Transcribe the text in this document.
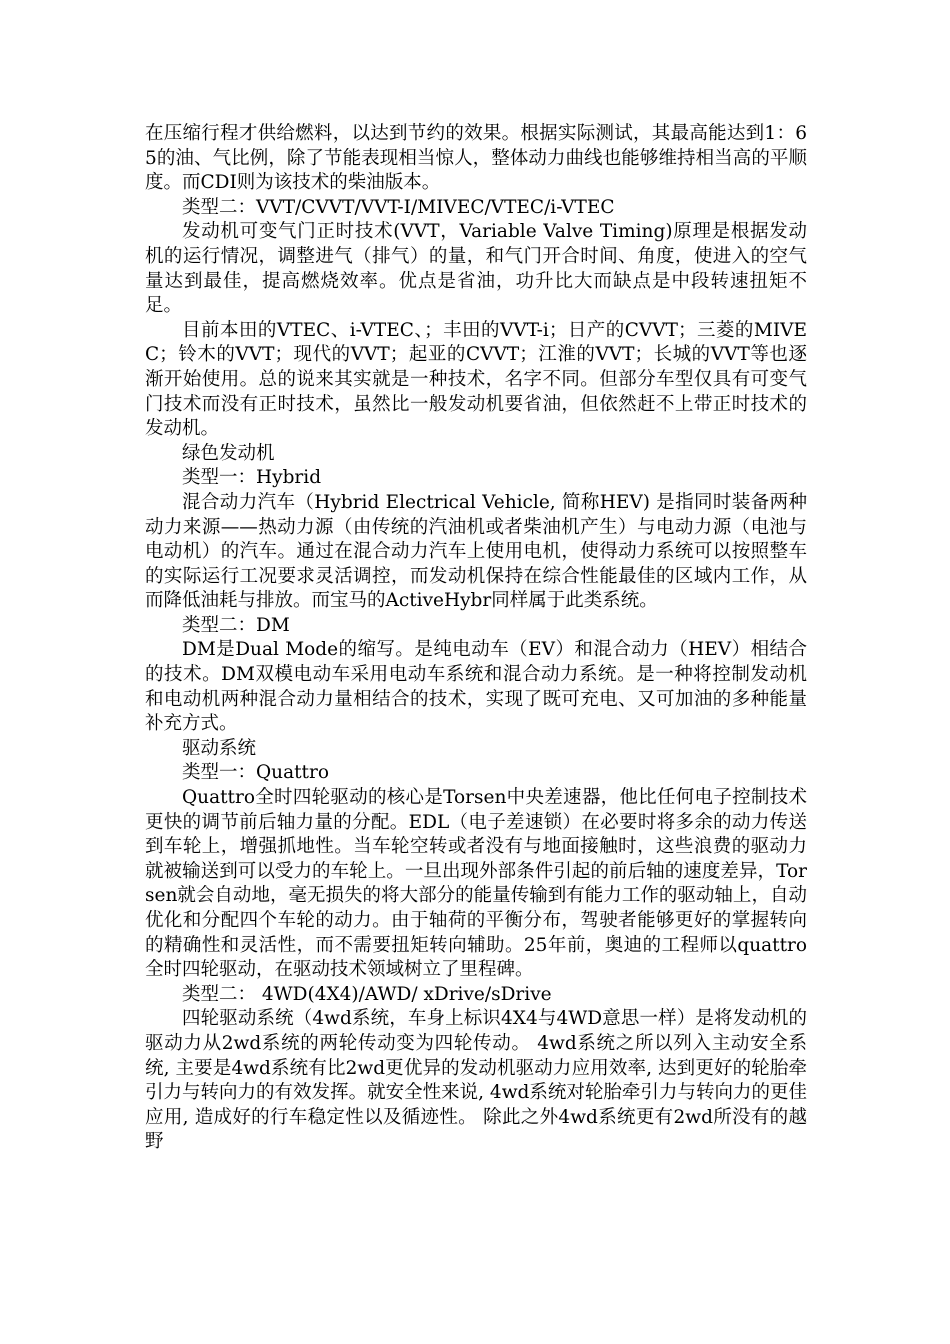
在压缩行程才供给燃料，以达到节约的效果。根据实际测试，其最高能达到1：65的油、气比例，除了节能表现相当惊人，整体动力曲线也能够维持相当高的平顺度。而CDI则为该技术的柴油版本。

类型二：VVT/CVVT/VVT-I/MIVEC/VTEC/i-VTEC

发动机可变气门正时技术(VVT，Variable Valve Timing)原理是根据发动机的运行情况，调整进气（排气）的量，和气门开合时间、角度，使进入的空气量达到最佳，提高燃烧效率。优点是省油，功升比大而缺点是中段转速扭矩不足。

目前本田的VTEC、i-VTEC、；丰田的VVT-i；日产的CVVT；三菱的MIVEC；铃木的VVT；现代的VVT；起亚的CVVT；江淮的VVT；长城的VVT等也逐渐开始使用。总的说来其实就是一种技术，名字不同。但部分车型仅具有可变气门技术而没有正时技术，虽然比一般发动机要省油，但依然赶不上带正时技术的发动机。

绿色发动机

类型一：Hybrid

混合动力汽车（Hybrid Electrical Vehicle, 简称HEV) 是指同时装备两种动力来源——热动力源（由传统的汽油机或者柴油机产生）与电动力源（电池与电动机）的汽车。通过在混合动力汽车上使用电机，使得动力系统可以按照整车的实际运行工况要求灵活调控，而发动机保持在综合性能最佳的区域内工作，从而降低油耗与排放。而宝马的ActiveHybr同样属于此类系统。

类型二：DM

DM是Dual Mode的缩写。是纯电动车（EV）和混合动力（HEV）相结合的技术。DM双模电动车采用电动车系统和混合动力系统。是一种将控制发动机和电动机两种混合动力量相结合的技术，实现了既可充电、又可加油的多种能量补充方式。

驱动系统

类型一：Quattro

Quattro全时四轮驱动的核心是Torsen中央差速器，他比任何电子控制技术更快的调节前后轴力量的分配。EDL（电子差速锁）在必要时将多余的动力传送到车轮上，增强抓地性。当车轮空转或者没有与地面接触时，这些浪费的驱动力就被输送到可以受力的车轮上。一旦出现外部条件引起的前后轴的速度差异，Torsen就会自动地，毫无损失的将大部分的能量传输到有能力工作的驱动轴上，自动优化和分配四个车轮的动力。由于轴荷的平衡分布，驾驶者能够更好的掌握转向的精确性和灵活性，而不需要扭矩转向辅助。25年前，奥迪的工程师以quattro全时四轮驱动，在驱动技术领域树立了里程碑。

类型二： 4WD(4X4)/AWD/ xDrive/sDrive

四轮驱动系统（4wd系统，车身上标识4X4与4WD意思一样）是将发动机的驱动力从2wd系统的两轮传动变为四轮传动。 4wd系统之所以列入主动安全系统, 主要是4wd系统有比2wd更优异的发动机驱动力应用效率, 达到更好的轮胎牵引力与转向力的有效发挥。就安全性来说, 4wd系统对轮胎牵引力与转向力的更佳应用, 造成好的行车稳定性以及循迹性。 除此之外4wd系统更有2wd所没有的越野
